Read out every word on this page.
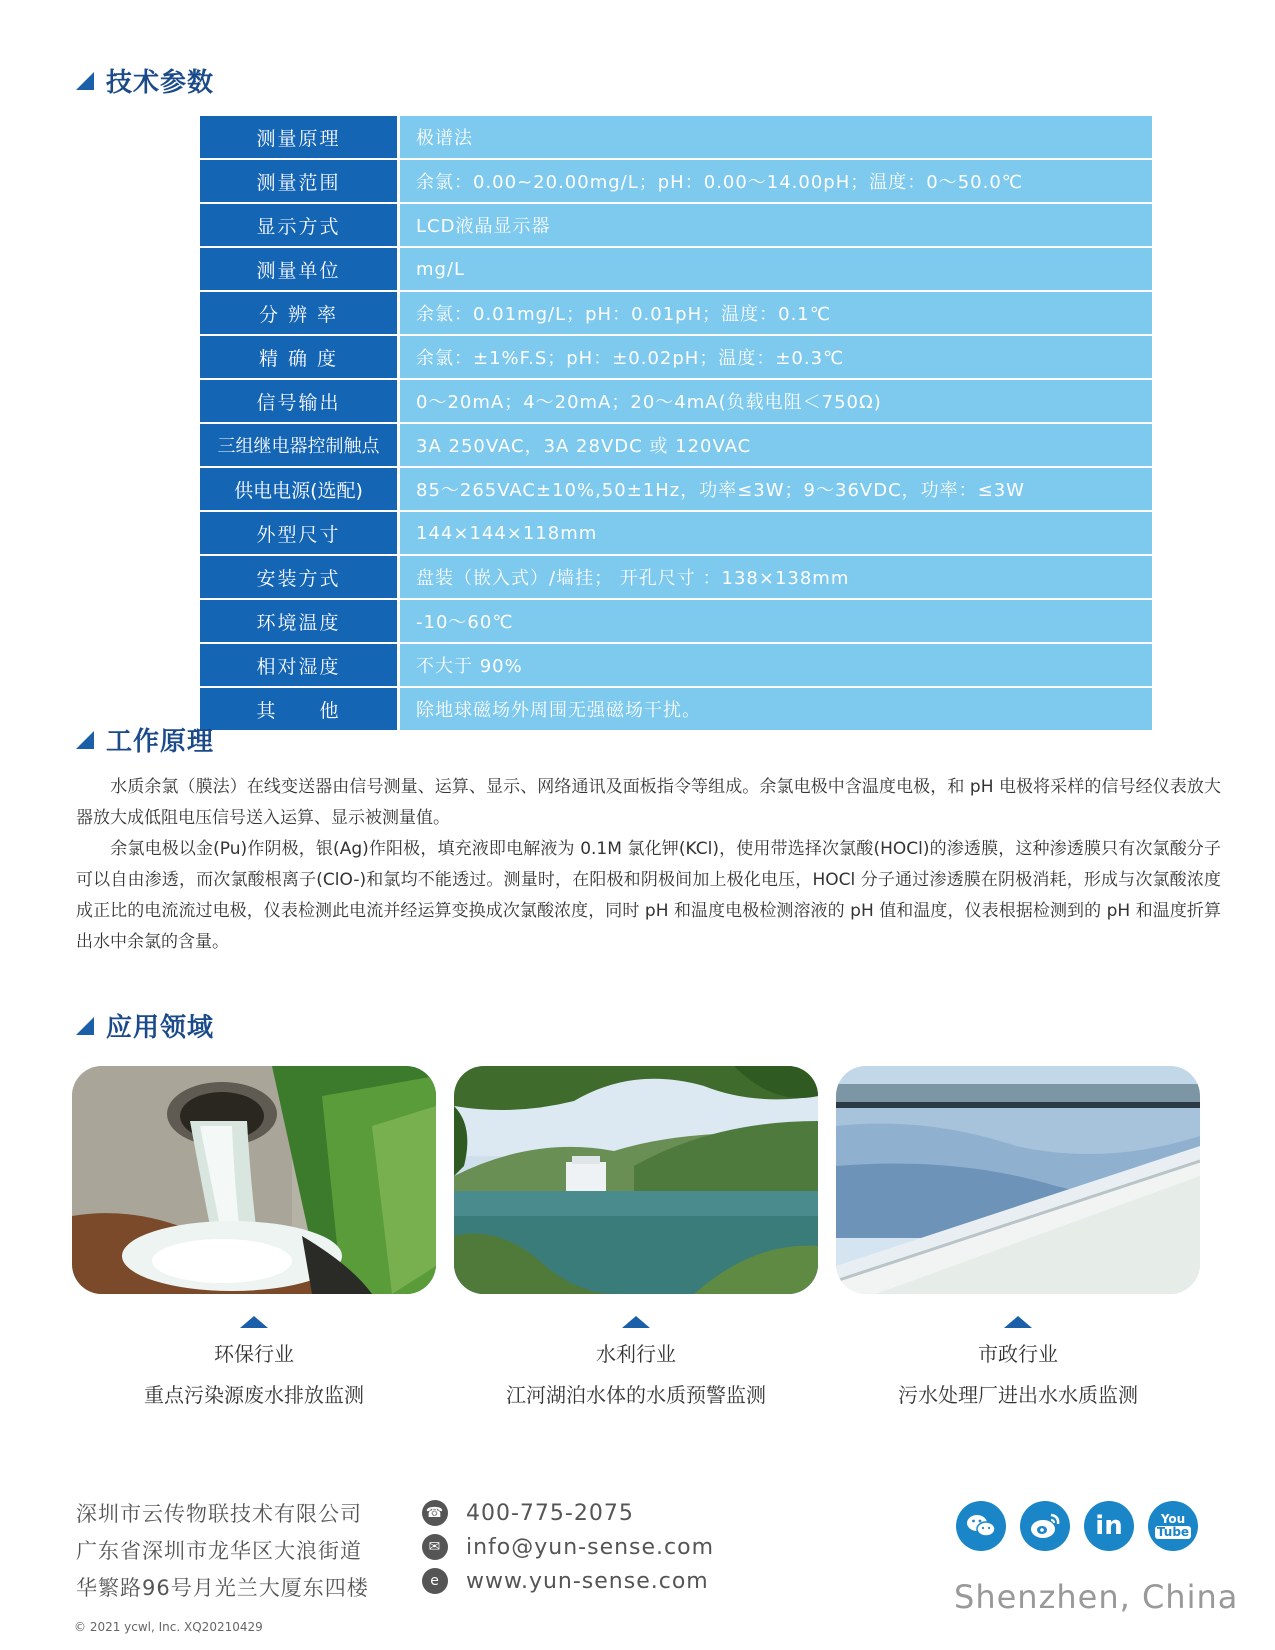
技术参数
测量原理	极谱法
测量范围	余氯：0.00~20.00mg/L；pH：0.00～14.00pH；温度：0～50.0℃
显示方式	LCD液晶显示器
测量单位	mg/L
分 辨 率	余氯：0.01mg/L；pH：0.01pH；温度：0.1℃
精 确 度	余氯：±1%F.S；pH：±0.02pH；温度：±0.3℃
信号输出	0～20mA；4～20mA；20～4mA(负载电阻＜750Ω)
三组继电器控制触点	3A 250VAC，3A 28VDC 或 120VAC
供电电源(选配)	85～265VAC±10%,50±1Hz，功率≤3W；9～36VDC，功率：≤3W
外型尺寸	144×144×118mm
安装方式	盘装（嵌入式）/墙挂； 开孔尺寸 ：138×138mm
环境温度	-10～60℃
相对湿度	不大于 90%
其　　他	除地球磁场外周围无强磁场干扰。
工作原理
　　水质余氯（膜法）在线变送器由信号测量、运算、显示、网络通讯及面板指令等组成。余氯电极中含温度电极，和 pH 电极将采样的信号经仪表放大器放大成低阻电压信号送入运算、显示被测量值。
　　余氯电极以金(Pu)作阴极，银(Ag)作阳极，填充液即电解液为 0.1M 氯化钾(KCl)，使用带选择次氯酸(HOCl)的渗透膜，这种渗透膜只有次氯酸分子可以自由渗透，而次氯酸根离子(ClO-)和氯均不能透过。测量时，在阳极和阴极间加上极化电压，HOCl 分子通过渗透膜在阴极消耗，形成与次氯酸浓度成正比的电流流过电极，仪表检测此电流并经运算变换成次氯酸浓度，同时 pH 和温度电极检测溶液的 pH 值和温度，仪表根据检测到的 pH 和温度折算出水中余氯的含量。
应用领域
环保行业
重点污染源废水排放监测
水利行业
江河湖泊水体的水质预警监测
市政行业
污水处理厂进出水水质监测
深圳市云传物联技术有限公司
广东省深圳市龙华区大浪街道
华繁路96号月光兰大厦东四楼
☎ 400-775-2075
✉	info@yun-sense.com
e	www.yun-sense.com
in	You
Tube
Shenzhen, China
© 2021 ycwl, Inc. XQ20210429
